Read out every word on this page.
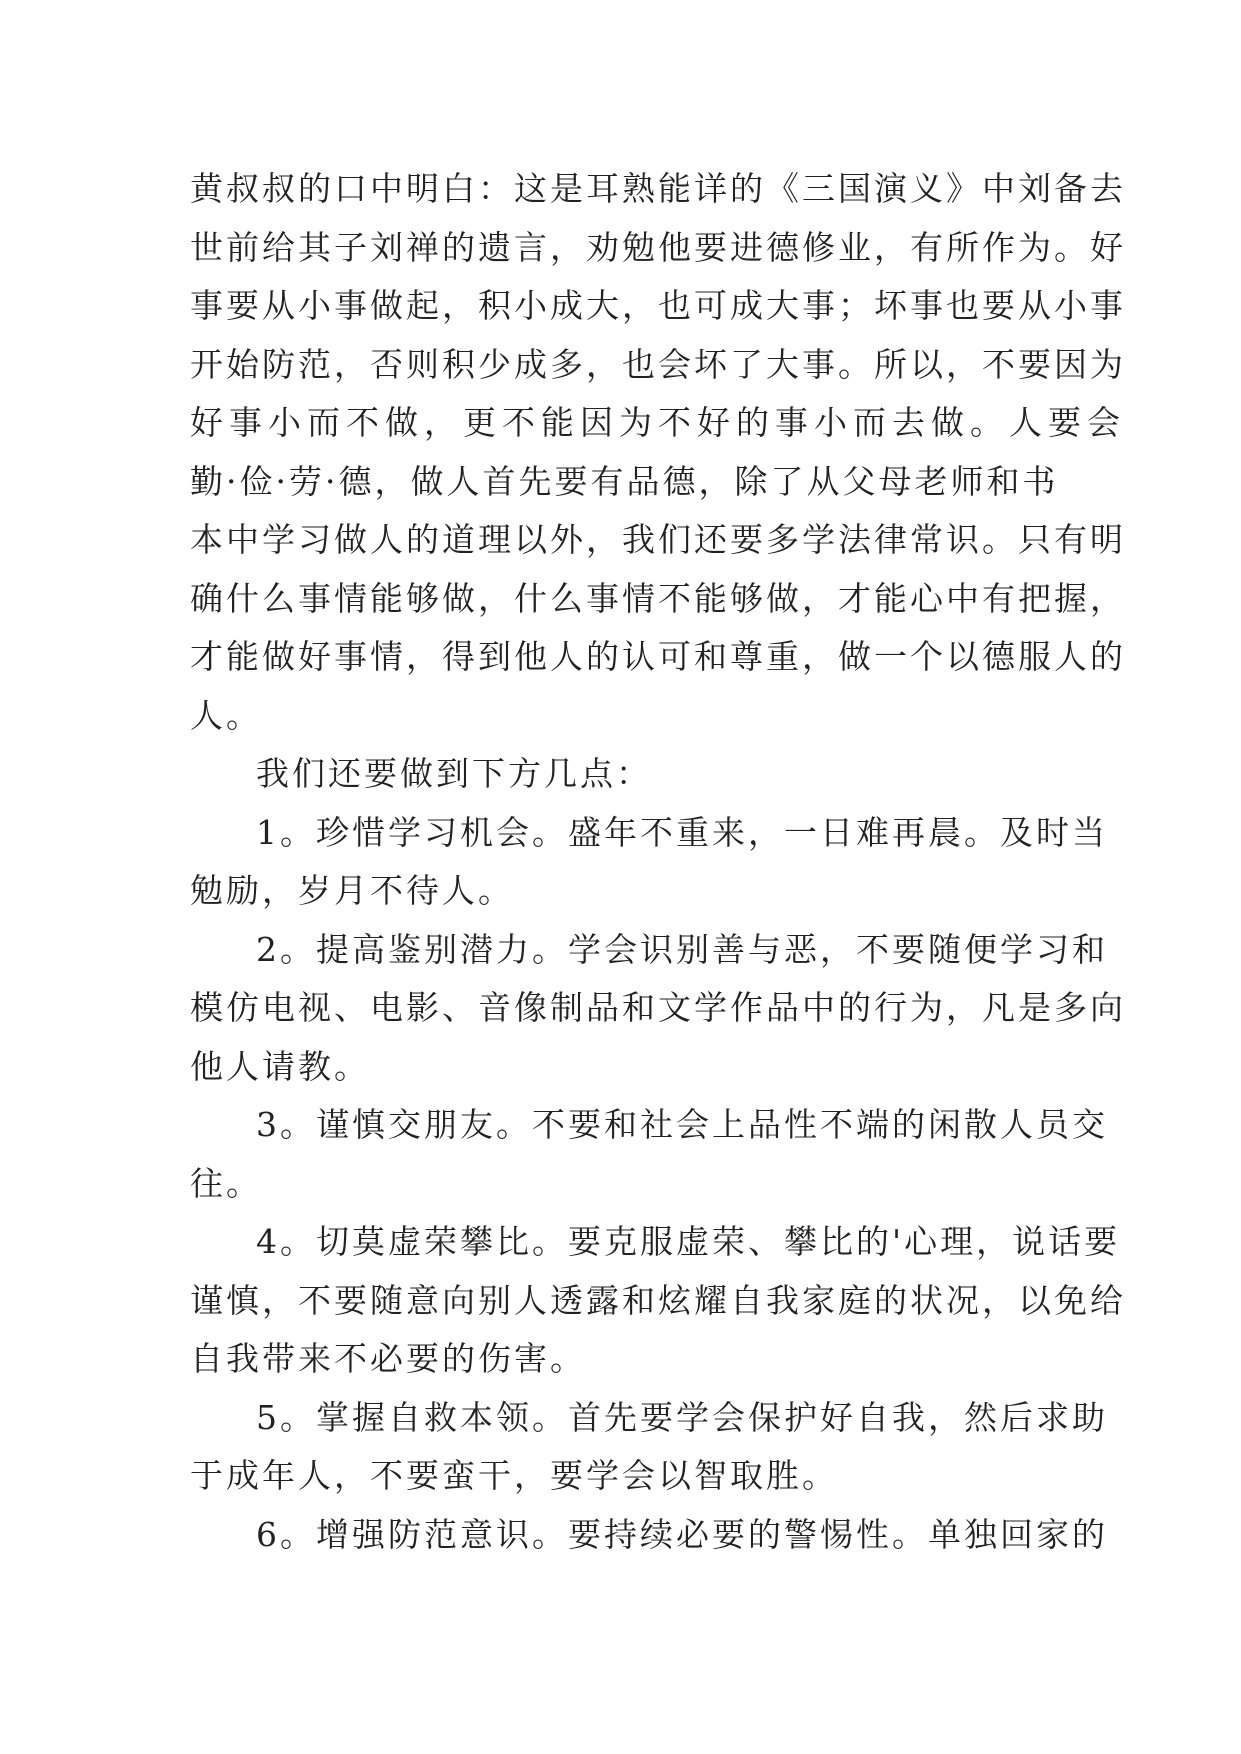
黄叔叔的口中明白：这是耳熟能详的《三国演义》中刘备去
世前给其子刘禅的遗言，劝勉他要进德修业，有所作为。好
事要从小事做起，积小成大，也可成大事；坏事也要从小事
开始防范，否则积少成多，也会坏了大事。所以，不要因为
好事小而不做，更不能因为不好的事小而去做。人要会
勤·俭·劳·德，做人首先要有品德，除了从父母老师和书
本中学习做人的道理以外，我们还要多学法律常识。只有明
确什么事情能够做，什么事情不能够做，才能心中有把握，
才能做好事情，得到他人的认可和尊重，做一个以德服人的
人。
我们还要做到下方几点：
1。珍惜学习机会。盛年不重来，一日难再晨。及时当
勉励，岁月不待人。
2。提高鉴别潜力。学会识别善与恶，不要随便学习和
模仿电视、电影、音像制品和文学作品中的行为，凡是多向
他人请教。
3。谨慎交朋友。不要和社会上品性不端的闲散人员交
往。
4。切莫虚荣攀比。要克服虚荣、攀比的'心理，说话要
谨慎，不要随意向别人透露和炫耀自我家庭的状况，以免给
自我带来不必要的伤害。
5。掌握自救本领。首先要学会保护好自我，然后求助
于成年人，不要蛮干，要学会以智取胜。
6。增强防范意识。要持续必要的警惕性。单独回家的
